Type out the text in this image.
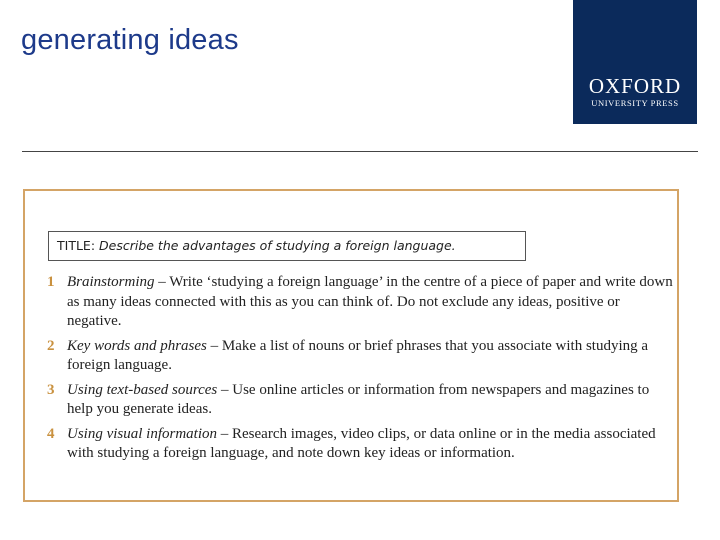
generating ideas
OXFORD
UNIVERSITY PRESS
TITLE: Describe the advantages of studying a foreign language.
1 Brainstorming – Write ‘studying a foreign language’ in the centre of a piece of paper and write down as many ideas connected with this as you can think of. Do not exclude any ideas, positive or negative.
2 Key words and phrases – Make a list of nouns or brief phrases that you associate with studying a foreign language.
3 Using text-based sources – Use online articles or information from newspapers and magazines to help you generate ideas.
4 Using visual information – Research images, video clips, or data online or in the media associated with studying a foreign language, and note down key ideas or information.
